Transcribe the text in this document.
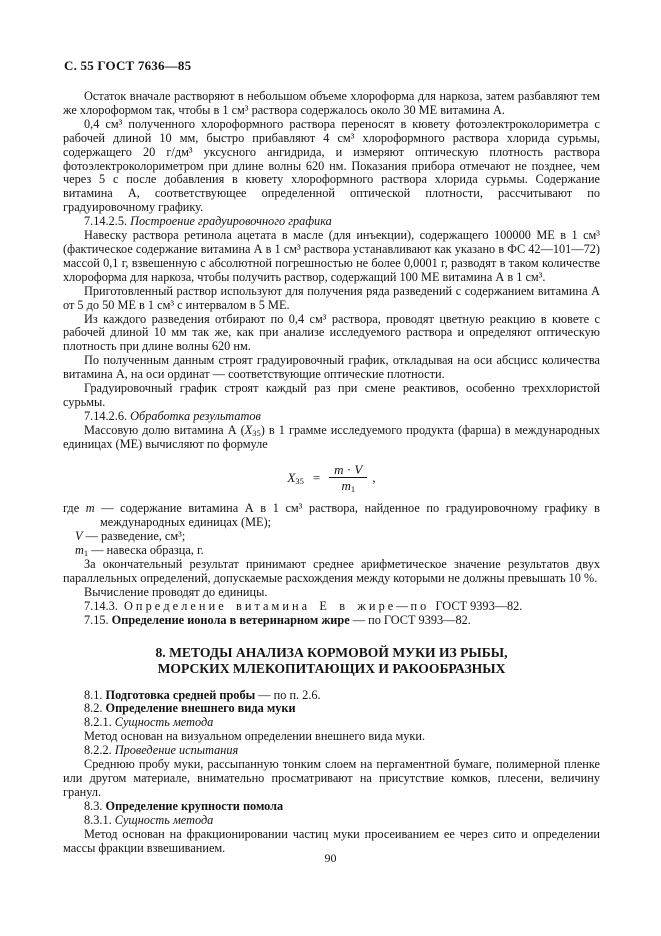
С. 55 ГОСТ 7636—85
Остаток вначале растворяют в небольшом объеме хлороформа для наркоза, затем разбавляют тем же хлороформом так, чтобы в 1 см³ раствора содержалось около 30 МЕ витамина А.
0,4 см³ полученного хлороформного раствора переносят в кювету фотоэлектроколориметра с рабочей длиной 10 мм, быстро прибавляют 4 см³ хлороформного раствора хлорида сурьмы, содержащего 20 г/дм³ уксусного ангидрида, и измеряют оптическую плотность раствора фотоэлектроколориметром при длине волны 620 нм. Показания прибора отмечают не позднее, чем через 5 с после добавления в кювету хлороформного раствора хлорида сурьмы. Содержание витамина А, соответствующее определенной оптической плотности, рассчитывают по градуировочному графику.
7.14.2.5. Построение градуировочного графика
Навеску раствора ретинола ацетата в масле (для инъекции), содержащего 100000 МЕ в 1 см³ (фактическое содержание витамина А в 1 см³ раствора устанавливают как указано в ФС 42—101—72) массой 0,1 г, взвешенную с абсолютной погрешностью не более 0,0001 г, разводят в таком количестве хлороформа для наркоза, чтобы получить раствор, содержащий 100 МЕ витамина А в 1 см³.
Приготовленный раствор используют для получения ряда разведений с содержанием витамина А от 5 до 50 МЕ в 1 см³ с интервалом в 5 МЕ.
Из каждого разведения отбирают по 0,4 см³ раствора, проводят цветную реакцию в кювете с рабочей длиной 10 мм так же, как при анализе исследуемого раствора и определяют оптическую плотность при длине волны 620 нм.
По полученным данным строят градуировочный график, откладывая на оси абсцисс количества витамина А, на оси ординат — соответствующие оптические плотности.
Градуировочный график строят каждый раз при смене реактивов, особенно треххлористой сурьмы.
7.14.2.6. Обработка результатов
Массовую долю витамина А $(X_{35})$ в 1 грамме исследуемого продукта (фарша) в международных единицах (МЕ) вычисляют по формуле
$X_{35} = \frac{m \cdot V}{m_1}$ ,
где m — содержание витамина А в 1 см³ раствора, найденное по градуировочному графику в международных единицах (МЕ);
V — разведение, см³;
$m_1$ — навеска образца, г.
За окончательный результат принимают среднее арифметическое значение результатов двух параллельных определений, допускаемые расхождения между которыми не должны превышать 10 %.
Вычисление проводят до единицы.
7.14.3. О п р е д е л е н и е в и т а м и н а Е в ж и р е — п о  ГОСТ 9393—82.
7.15. Определение ионола в ветеринарном жире — по ГОСТ 9393—82.
8. МЕТОДЫ АНАЛИЗА КОРМОВОЙ МУКИ ИЗ РЫБЫ,
МОРСКИХ МЛЕКОПИТАЮЩИХ И РАКООБРАЗНЫХ
8.1. Подготовка средней пробы — по п. 2.6.
8.2. Определение внешнего вида муки
8.2.1. Сущность метода
Метод основан на визуальном определении внешнего вида муки.
8.2.2. Проведение испытания
Среднюю пробу муки, рассыпанную тонким слоем на пергаментной бумаге, полимерной пленке или другом материале, внимательно просматривают на присутствие комков, плесени, величину гранул.
8.3. Определение крупности помола
8.3.1. Сущность метода
Метод основан на фракционировании частиц муки просеиванием ее через сито и определении массы фракции взвешиванием.
90
